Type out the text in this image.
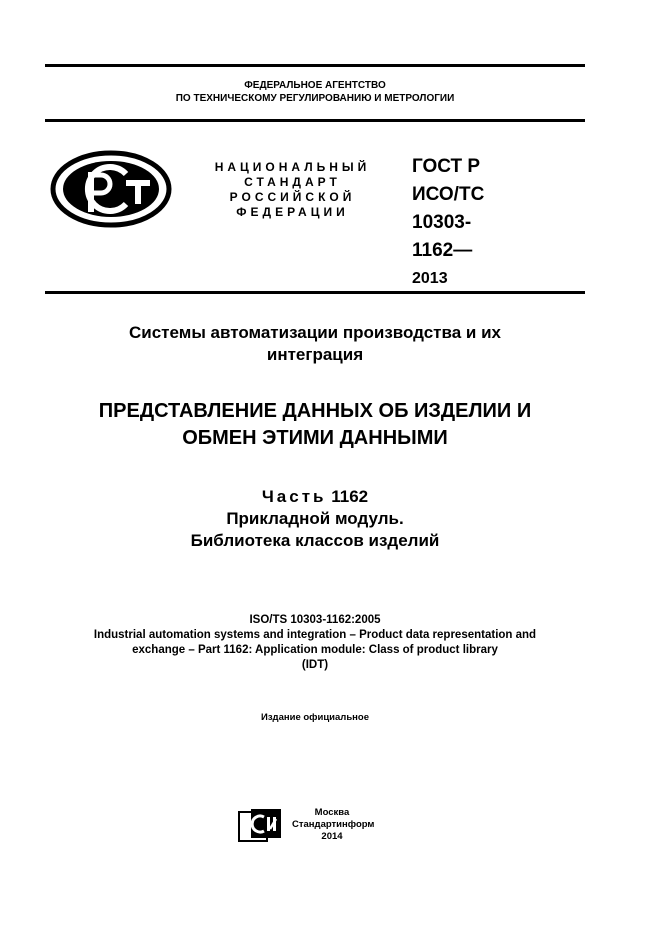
ФЕДЕРАЛЬНОЕ АГЕНТСТВО
ПО ТЕХНИЧЕСКОМУ РЕГУЛИРОВАНИЮ И МЕТРОЛОГИИ
НАЦИОНАЛЬНЫЙ
СТАНДАРТ
РОССИЙСКОЙ
ФЕДЕРАЦИИ
ГОСТ Р
ИСО/ТС
10303-
1162—
2013
Системы автоматизации производства и их
интеграция
ПРЕДСТАВЛЕНИЕ ДАННЫХ ОБ ИЗДЕЛИИ И
ОБМЕН ЭТИМИ ДАННЫМИ
Часть 1162
Прикладной модуль.
Библиотека классов изделий
ISO/TS 10303-1162:2005
Industrial automation systems and integration – Product data representation and
exchange – Part 1162: Application module: Class of product library
(IDT)
Издание официальное
Москва
Стандартинформ
2014
